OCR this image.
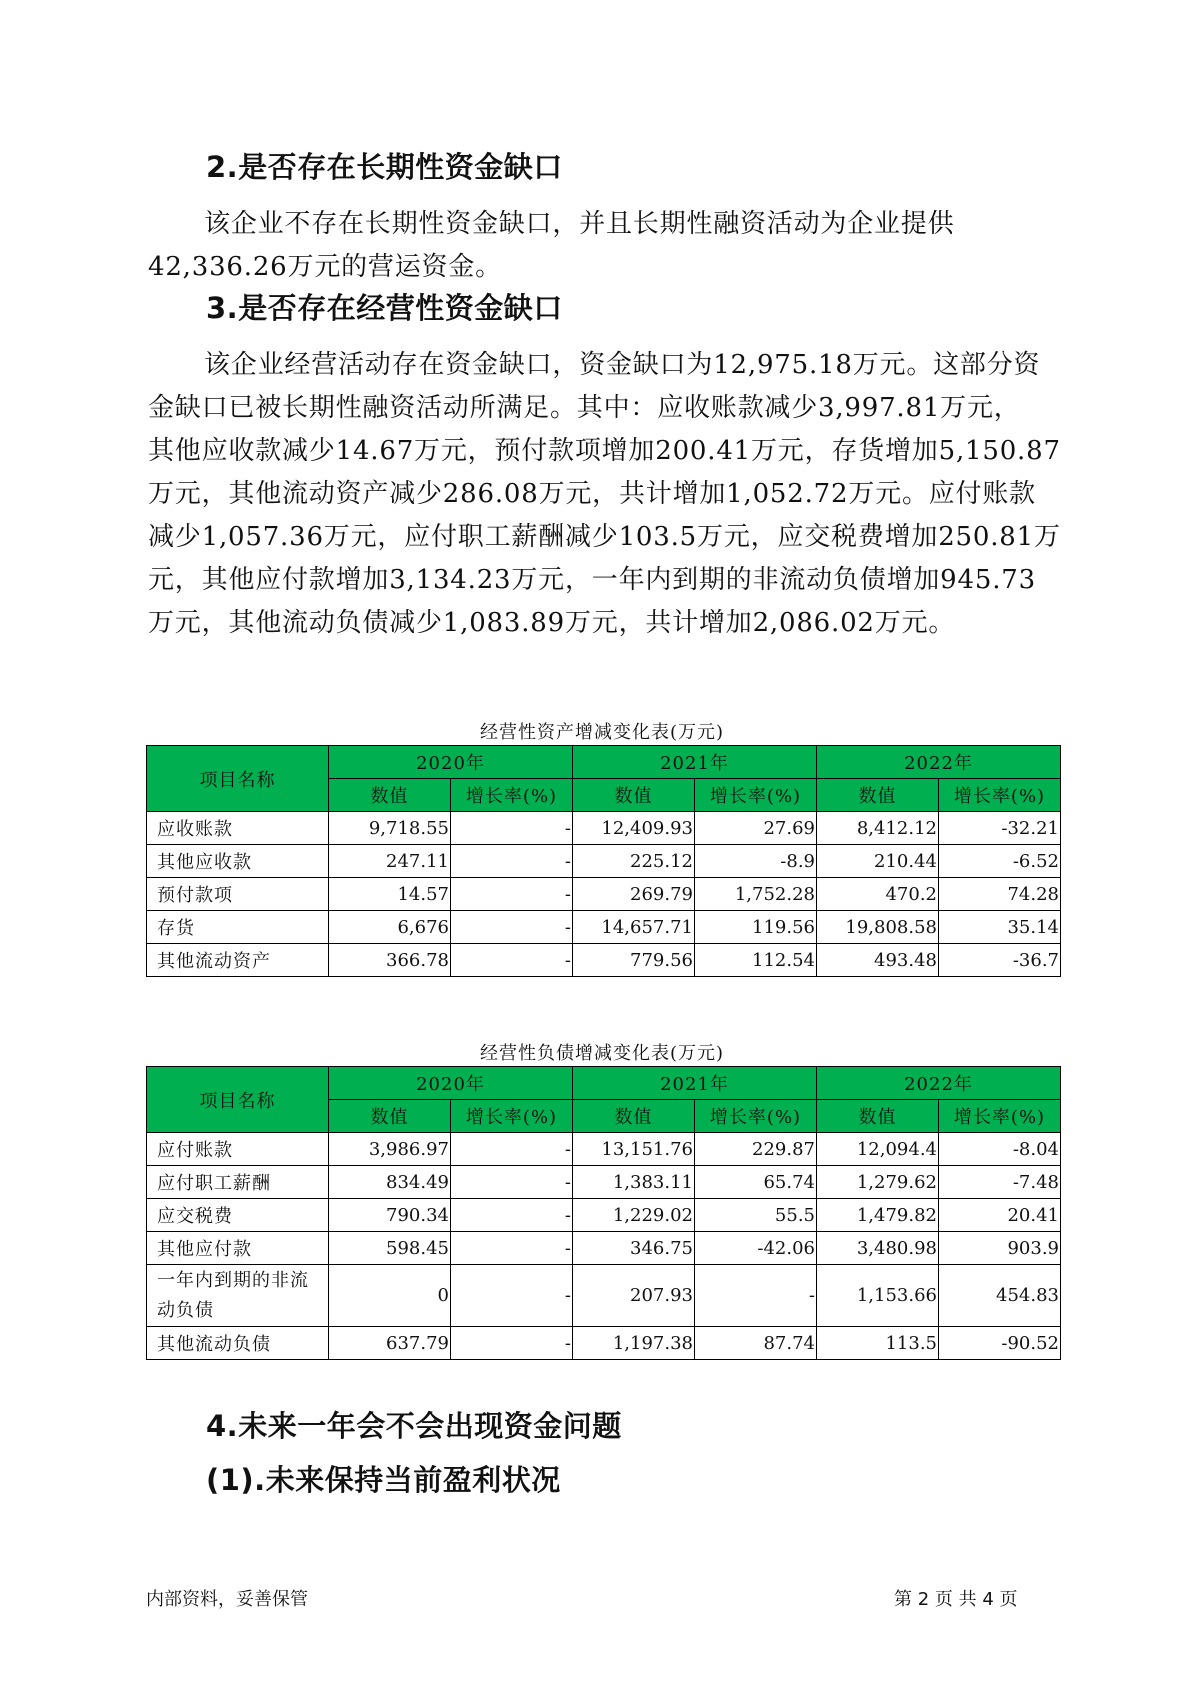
2.是否存在长期性资金缺口
该企业不存在长期性资金缺口，并且长期性融资活动为企业提供
42,336.26万元的营运资金。
3.是否存在经营性资金缺口
该企业经营活动存在资金缺口，资金缺口为12,975.18万元。这部分资
金缺口已被长期性融资活动所满足。其中：应收账款减少3,997.81万元，
其他应收款减少14.67万元，预付款项增加200.41万元，存货增加5,150.87
万元，其他流动资产减少286.08万元，共计增加1,052.72万元。应付账款
减少1,057.36万元，应付职工薪酬减少103.5万元，应交税费增加250.81万
元，其他应付款增加3,134.23万元，一年内到期的非流动负债增加945.73
万元，其他流动负债减少1,083.89万元，共计增加2,086.02万元。
经营性资产增减变化表(万元)
项目名称	2020年		2021年		2022年	
	数值	增长率(%)	数值	增长率(%)	数值	增长率(%)
应收账款	9,718.55	-	12,409.93	27.69	8,412.12	-32.21
其他应收款	247.11	-	225.12	-8.9	210.44	-6.52
预付款项	14.57	-	269.79	1,752.28	470.2	74.28
存货	6,676	-	14,657.71	119.56	19,808.58	35.14
其他流动资产	366.78	-	779.56	112.54	493.48	-36.7
经营性负债增减变化表(万元)
项目名称	2020年		2021年		2022年	
	数值	增长率(%)	数值	增长率(%)	数值	增长率(%)
应付账款	3,986.97	-	13,151.76	229.87	12,094.4	-8.04
应付职工薪酬	834.49	-	1,383.11	65.74	1,279.62	-7.48
应交税费	790.34	-	1,229.02	55.5	1,479.82	20.41
其他应付款	598.45	-	346.75	-42.06	3,480.98	903.9
一年内到期的非流动负债	0	-	207.93	-	1,153.66	454.83
其他流动负债	637.79	-	1,197.38	87.74	113.5	-90.52
4.未来一年会不会出现资金问题
(1).未来保持当前盈利状况
内部资料，妥善保管	第 2 页 共 4 页
